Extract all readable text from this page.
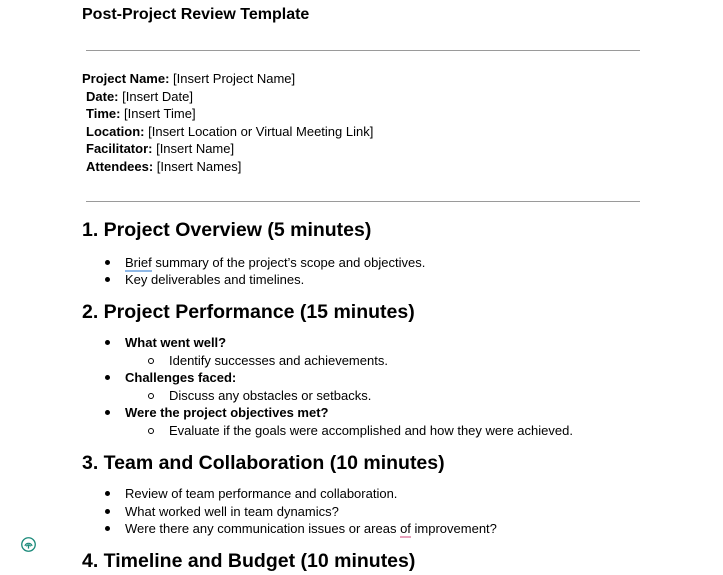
Post-Project Review Template
Project Name: [Insert Project Name]
Date: [Insert Date]
Time: [Insert Time]
Location: [Insert Location or Virtual Meeting Link]
Facilitator: [Insert Name]
Attendees: [Insert Names]
1. Project Overview (5 minutes)
Brief summary of the project’s scope and objectives.
Key deliverables and timelines.
2. Project Performance (15 minutes)
What went well?
Identify successes and achievements.
Challenges faced:
Discuss any obstacles or setbacks.
Were the project objectives met?
Evaluate if the goals were accomplished and how they were achieved.
3. Team and Collaboration (10 minutes)
Review of team performance and collaboration.
What worked well in team dynamics?
Were there any communication issues or areas of improvement?
4. Timeline and Budget (10 minutes)
